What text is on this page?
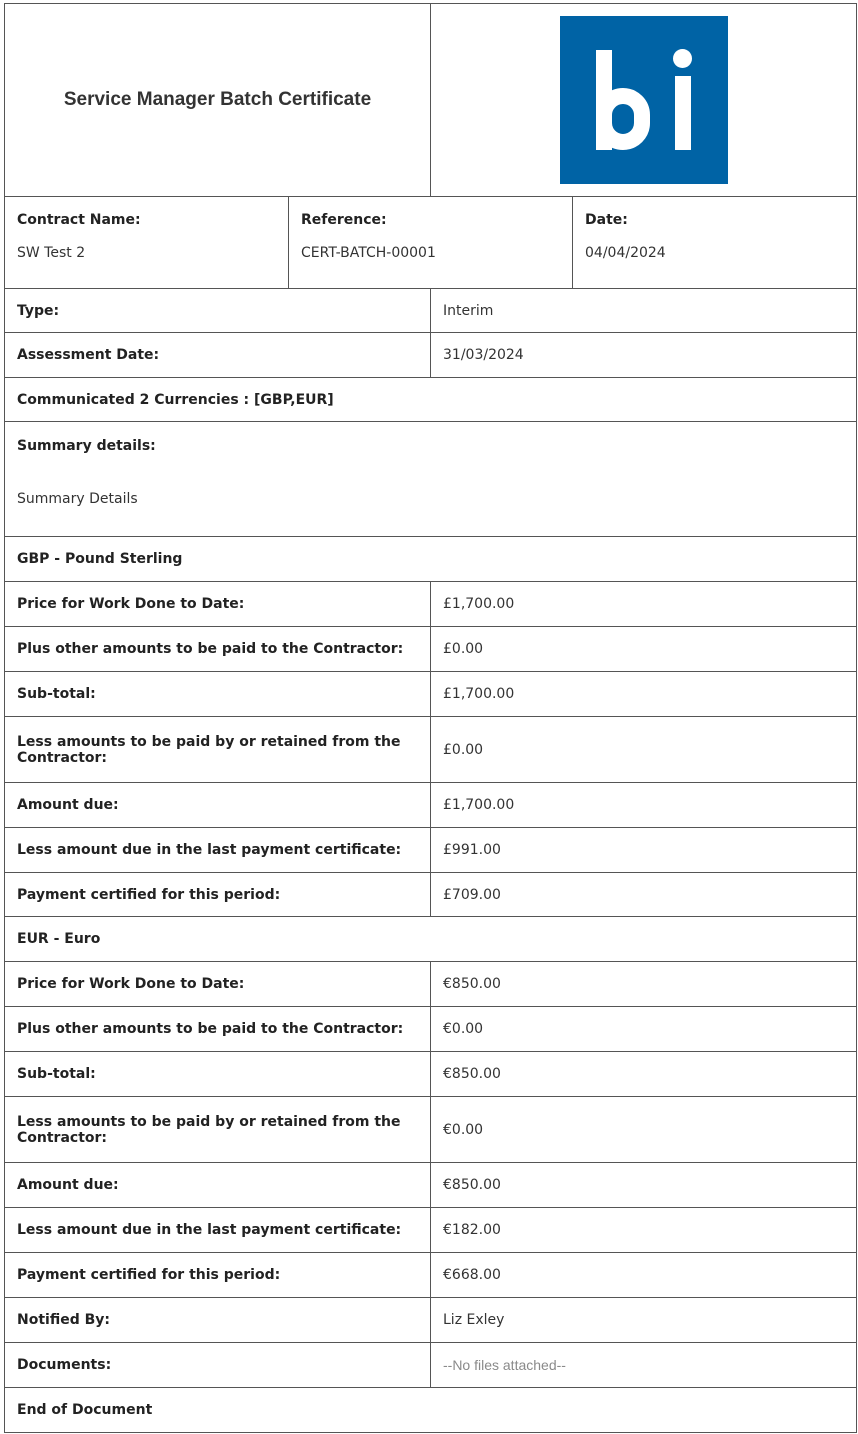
Service Manager Batch Certificate
Contract Name:
SW Test 2
Reference:
CERT-BATCH-00001
Date:
04/04/2024
Type:	Interim
Assessment Date:	31/03/2024
Communicated 2 Currencies : [GBP,EUR]
Summary details:
Summary Details
GBP - Pound Sterling
Price for Work Done to Date:	£1,700.00
Plus other amounts to be paid to the Contractor:	£0.00
Sub-total:	£1,700.00
Less amounts to be paid by or retained from the Contractor:	£0.00
Amount due:	£1,700.00
Less amount due in the last payment certificate:	£991.00
Payment certified for this period:	£709.00
EUR - Euro
Price for Work Done to Date:	€850.00
Plus other amounts to be paid to the Contractor:	€0.00
Sub-total:	€850.00
Less amounts to be paid by or retained from the Contractor:	€0.00
Amount due:	€850.00
Less amount due in the last payment certificate:	€182.00
Payment certified for this period:	€668.00
Notified By:	Liz Exley
Documents:	--No files attached--
End of Document
